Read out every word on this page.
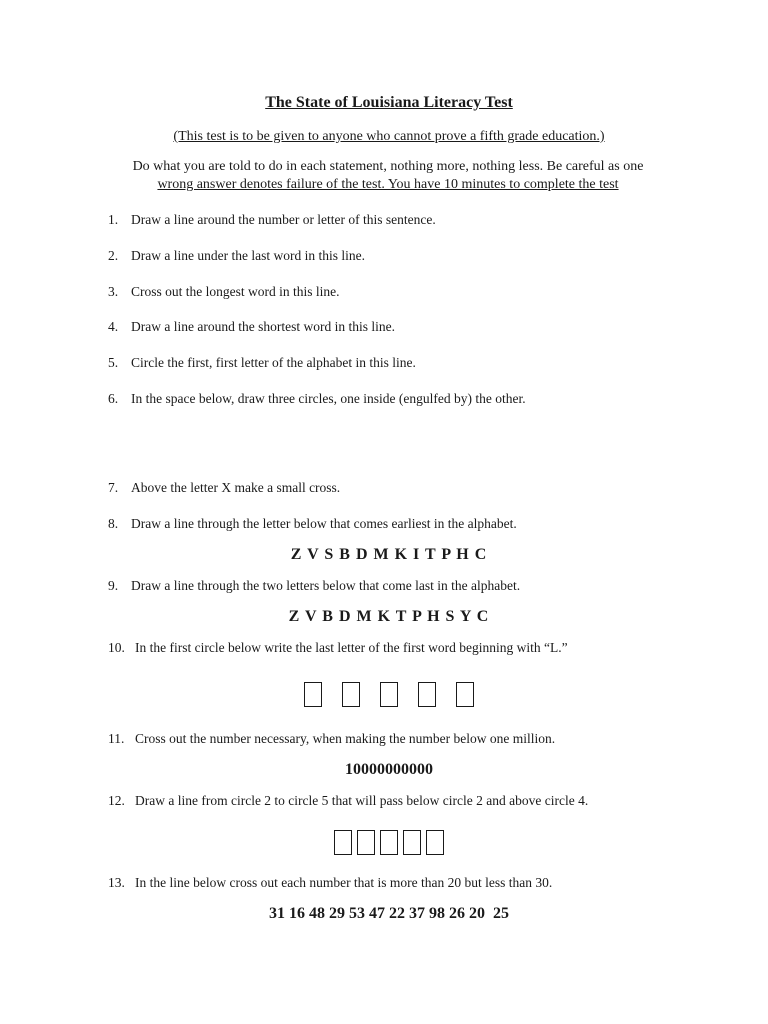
The State of Louisiana Literacy Test
(This test is to be given to anyone who cannot prove a fifth grade education.)
Do what you are told to do in each statement, nothing more, nothing less. Be careful as one
wrong answer denotes failure of the test. You have 10 minutes to complete the test
1. Draw a line around the number or letter of this sentence.
2. Draw a line under the last word in this line.
3. Cross out the longest word in this line.
4. Draw a line around the shortest word in this line.
5. Circle the first, first letter of the alphabet in this line.
6. In the space below, draw three circles, one inside (engulfed by) the other.
7. Above the letter X make a small cross.
8. Draw a line through the letter below that comes earliest in the alphabet.
Z V S B D M K I T P H C
9. Draw a line through the two letters below that come last in the alphabet.
Z V B D M K T P H S Y C
10. In the first circle below write the last letter of the first word beginning with “L.”
11. Cross out the number necessary, when making the number below one million.
10000000000
12. Draw a line from circle 2 to circle 5 that will pass below circle 2 and above circle 4.
13. In the line below cross out each number that is more than 20 but less than 30.
31 16 48 29 53 47 22 37 98 26 20  25
